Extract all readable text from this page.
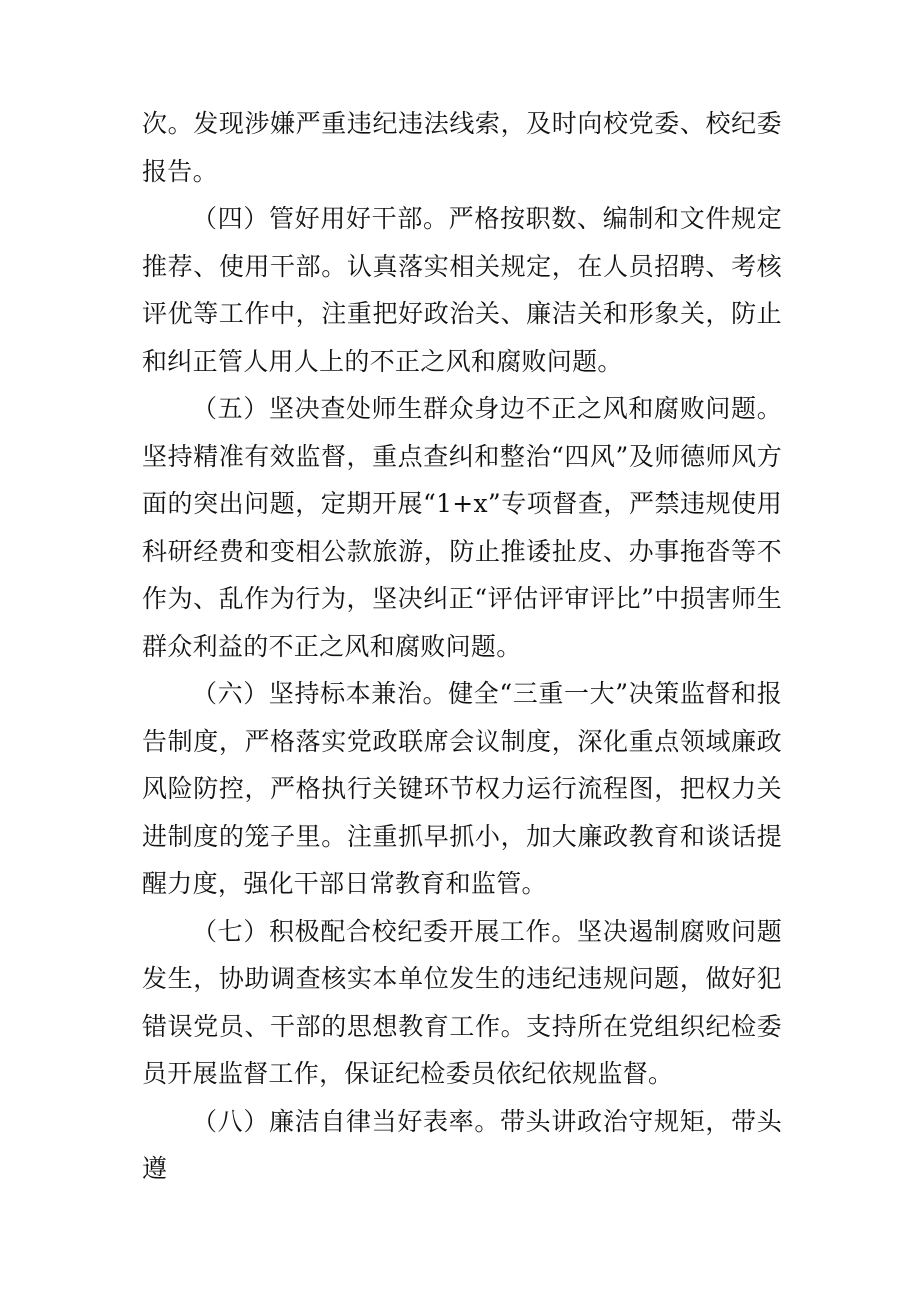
次。发现涉嫌严重违纪违法线索，及时向校党委、校纪委报告。

（四）管好用好干部。严格按职数、编制和文件规定推荐、使用干部。认真落实相关规定，在人员招聘、考核评优等工作中，注重把好政治关、廉洁关和形象关，防止和纠正管人用人上的不正之风和腐败问题。

（五）坚决查处师生群众身边不正之风和腐败问题。坚持精准有效监督，重点查纠和整治“四风”及师德师风方面的突出问题，定期开展“1+x”专项督查，严禁违规使用科研经费和变相公款旅游，防止推诿扯皮、办事拖沓等不作为、乱作为行为，坚决纠正“评估评审评比”中损害师生群众利益的不正之风和腐败问题。

（六）坚持标本兼治。健全“三重一大”决策监督和报告制度，严格落实党政联席会议制度，深化重点领域廉政风险防控，严格执行关键环节权力运行流程图，把权力关进制度的笼子里。注重抓早抓小，加大廉政教育和谈话提醒力度，强化干部日常教育和监管。

（七）积极配合校纪委开展工作。坚决遏制腐败问题发生，协助调查核实本单位发生的违纪违规问题，做好犯错误党员、干部的思想教育工作。支持所在党组织纪检委员开展监督工作，保证纪检委员依纪依规监督。

（八）廉洁自律当好表率。带头讲政治守规矩，带头遵
